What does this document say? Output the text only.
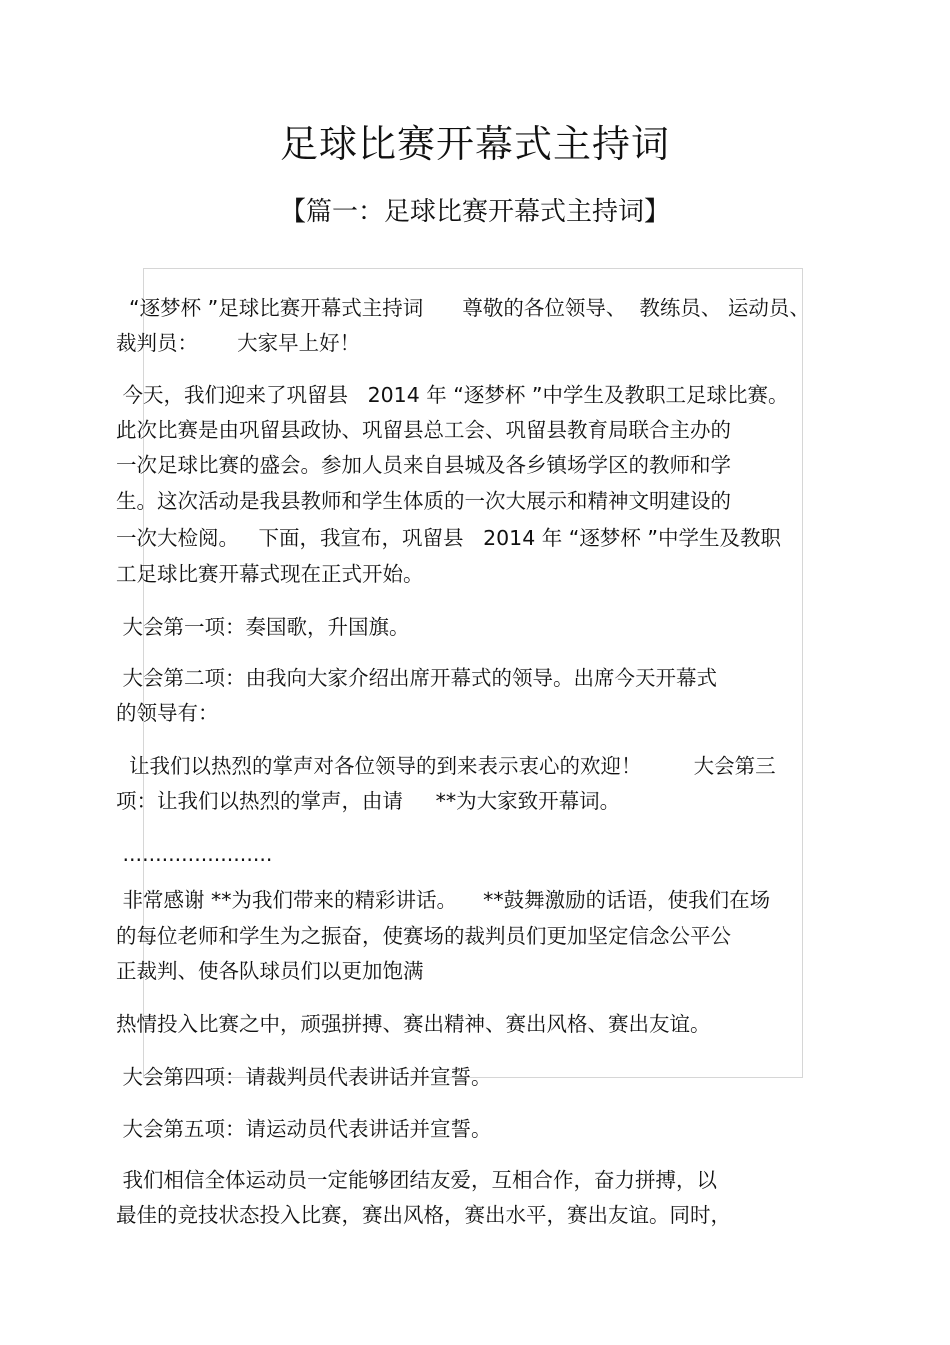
足球比赛开幕式主持词
【篇一：足球比赛开幕式主持词】
“逐梦杯 ”足球比赛开幕式主持词      尊敬的各位领导、  教练员、 运动员、
裁判员：      大家早上好！
今天，我们迎来了巩留县   2014 年 “逐梦杯 ”中学生及教职工足球比赛。
此次比赛是由巩留县政协、巩留县总工会、巩留县教育局联合主办的
一次足球比赛的盛会。参加人员来自县城及各乡镇场学区的教师和学
生。这次活动是我县教师和学生体质的一次大展示和精神文明建设的
一次大检阅。   下面，我宣布，巩留县   2014 年 “逐梦杯 ”中学生及教职
工足球比赛开幕式现在正式开始。
大会第一项：奏国歌，升国旗。
大会第二项：由我向大家介绍出席开幕式的领导。出席今天开幕式
的领导有：
让我们以热烈的掌声对各位领导的到来表示衷心的欢迎！        大会第三
项：让我们以热烈的掌声，由请     **为大家致开幕词。
.......................
非常感谢 **为我们带来的精彩讲话。    **鼓舞激励的话语，使我们在场
的每位老师和学生为之振奋，使赛场的裁判员们更加坚定信念公平公
正裁判、使各队球员们以更加饱满
热情投入比赛之中，顽强拼搏、赛出精神、赛出风格、赛出友谊。
大会第四项：请裁判员代表讲话并宣誓。
大会第五项：请运动员代表讲话并宣誓。
我们相信全体运动员一定能够团结友爱，互相合作，奋力拼搏，以
最佳的竞技状态投入比赛，赛出风格，赛出水平，赛出友谊。同时，
